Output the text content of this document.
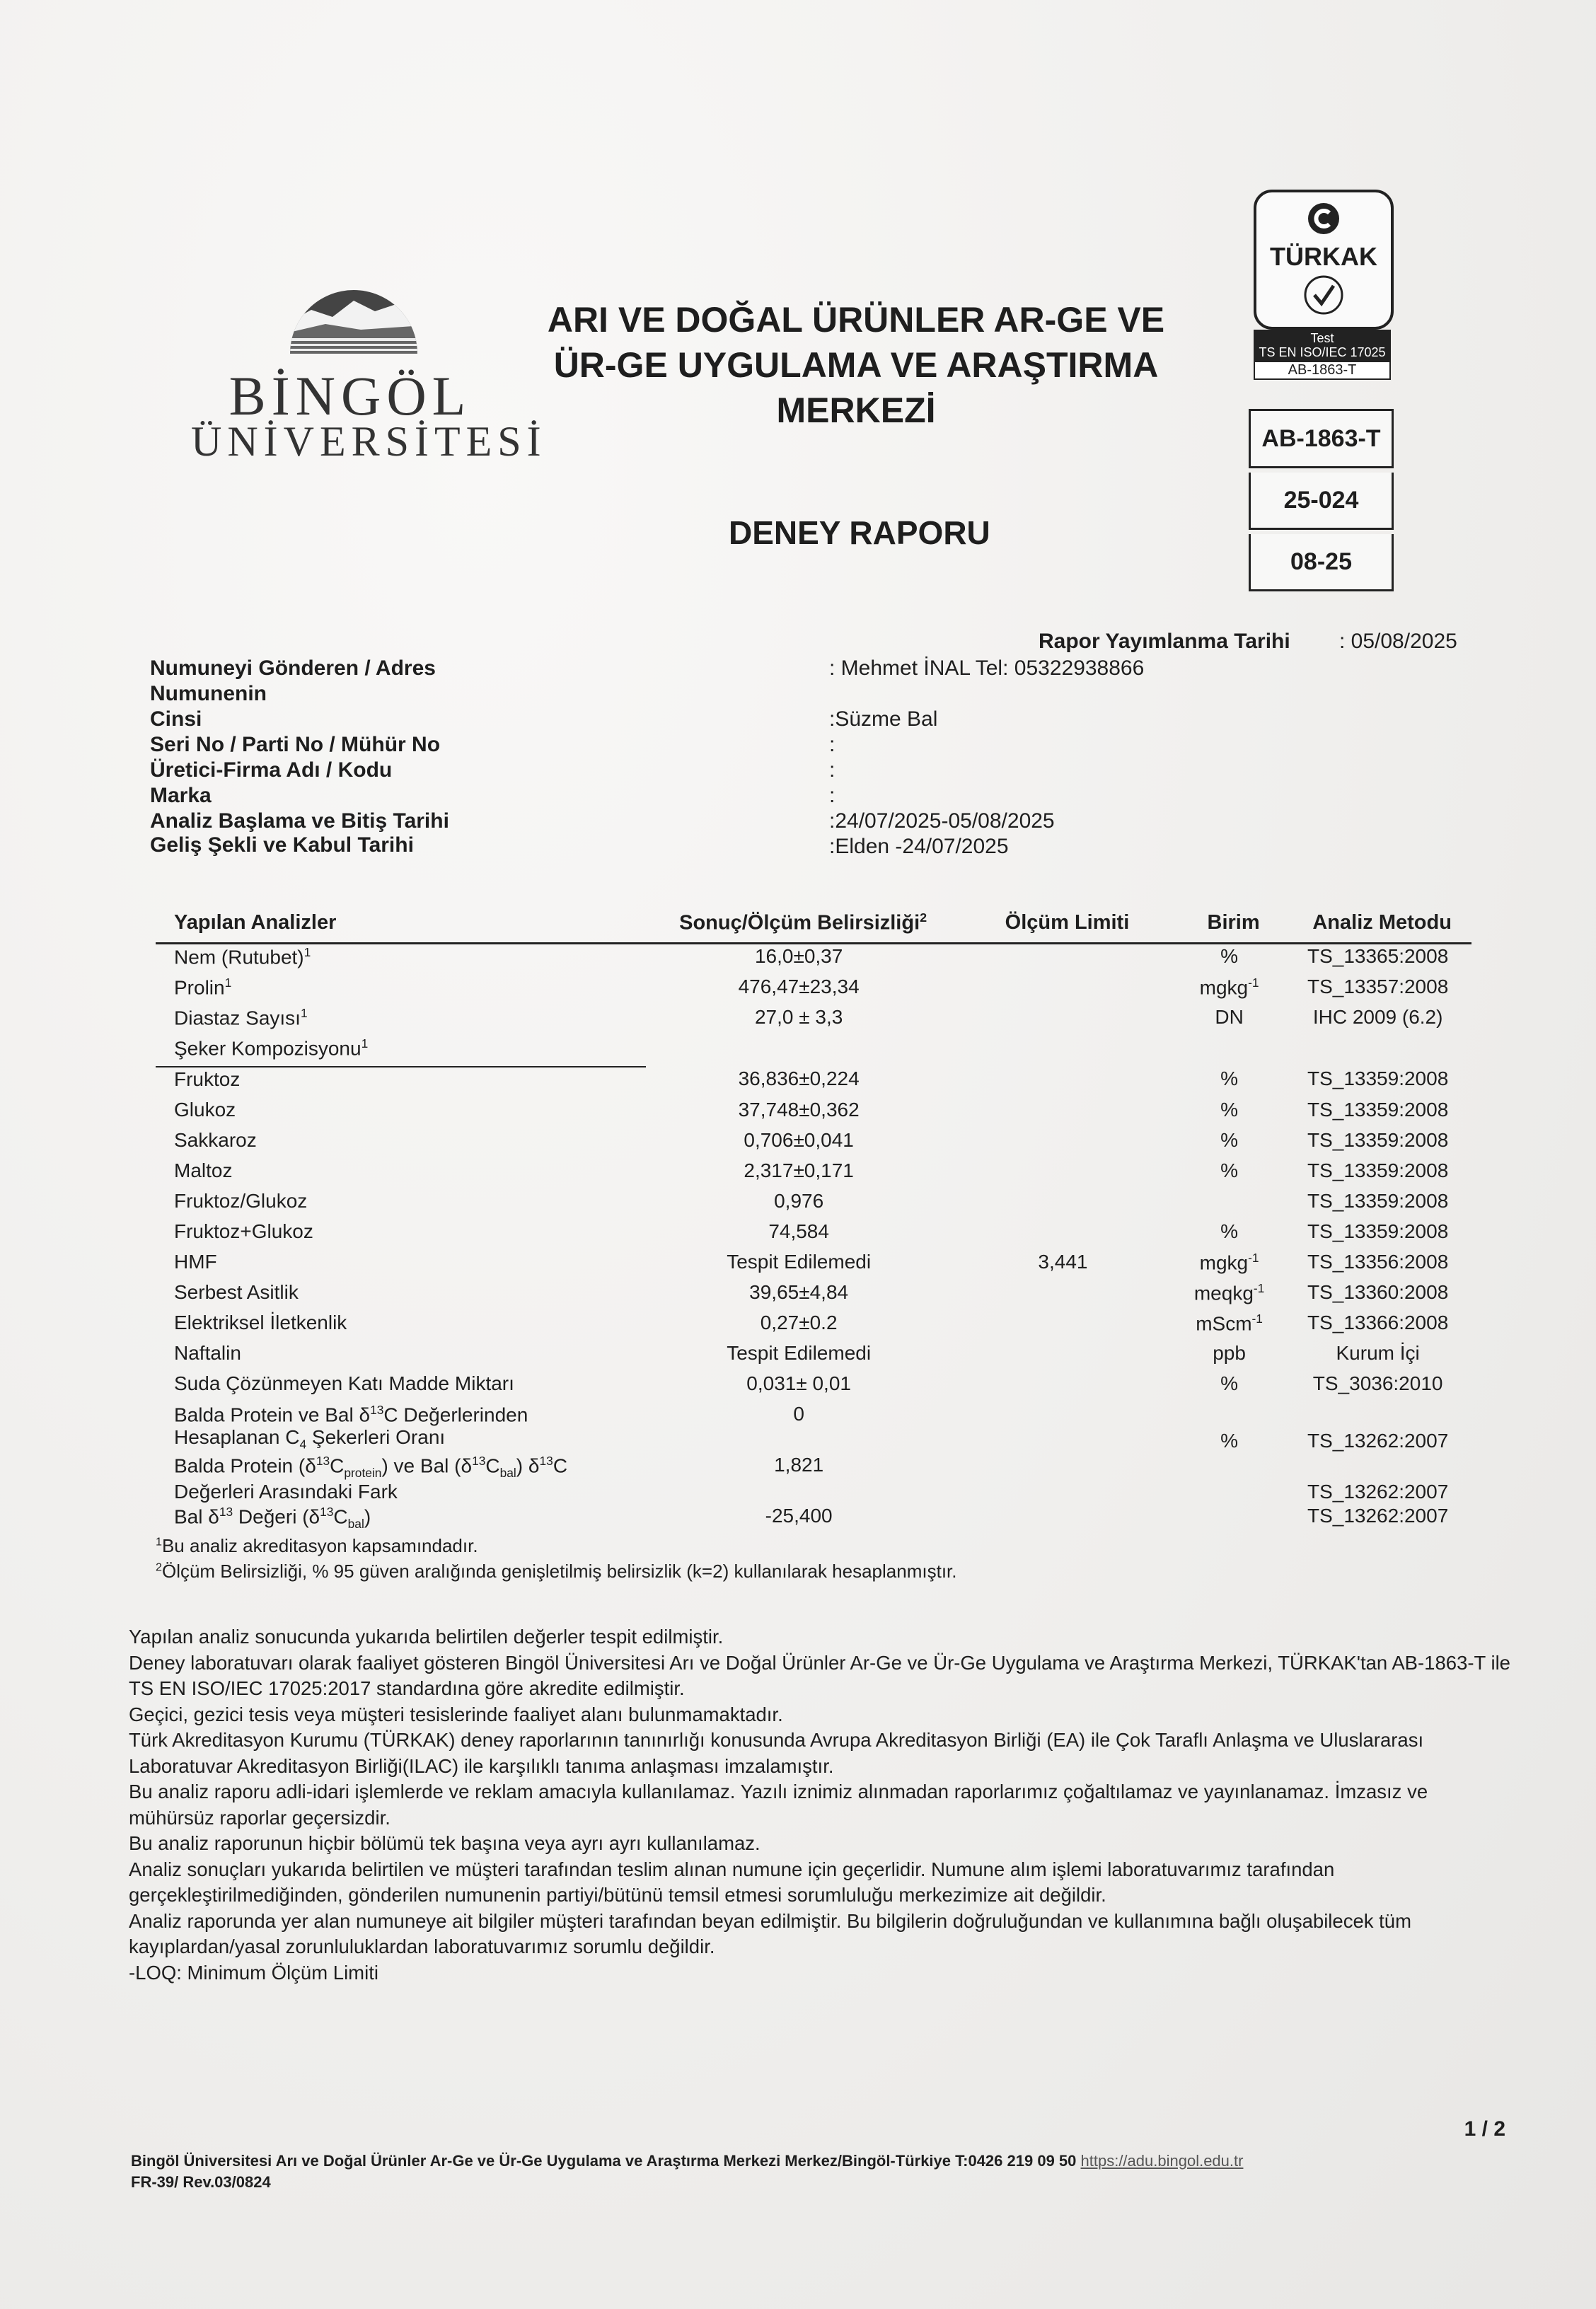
BİNGÖL
ÜNİVERSİTESİ
ARI VE DOĞAL ÜRÜNLER AR-GE VE
ÜR-GE UYGULAMA VE ARAŞTIRMA
MERKEZİ
DENEY RAPORU
TÜRKAK
Test
TS EN ISO/IEC 17025
AB-1863-T
AB-1863-T
25-024
08-25
Rapor Yayımlanma Tarihi : 05/08/2025
Numuneyi Gönderen / Adres	: Mehmet İNAL Tel: 05322938866
Numunenin
Cinsi	:Süzme Bal
Seri No / Parti No / Mühür No	:
Üretici-Firma Adı / Kodu	:
Marka	:
Analiz Başlama ve Bitiş Tarihi	:24/07/2025-05/08/2025
Geliş Şekli ve Kabul Tarihi	:Elden -24/07/2025
Yapılan Analizler	Sonuç/Ölçüm Belirsizliği$^2$	Ölçüm Limiti	Birim	Analiz Metodu
Nem (Rutubet)$^1$	16,0±0,37		%	TS_13365:2008
Prolin$^1$	476,47±23,34		mgkg$^{-1}$	TS_13357:2008
Diastaz Sayısı$^1$	27,0 ± 3,3		DN	IHC 2009 (6.2)
Şeker Kompozisyonu$^1$				
Fruktoz	36,836±0,224		%	TS_13359:2008
Glukoz	37,748±0,362		%	TS_13359:2008
Sakkaroz	0,706±0,041		%	TS_13359:2008
Maltoz	2,317±0,171		%	TS_13359:2008
Fruktoz/Glukoz	0,976			TS_13359:2008
Fruktoz+Glukoz	74,584		%	TS_13359:2008
HMF	Tespit Edilemedi	3,441	mgkg$^{-1}$	TS_13356:2008
Serbest Asitlik	39,65±4,84		meqkg$^{-1}$	TS_13360:2008
Elektriksel İletkenlik	0,27±0.2		mScm$^{-1}$	TS_13366:2008
Naftalin	Tespit Edilemedi		ppb	Kurum İçi
Suda Çözünmeyen Katı Madde Miktarı	0,031± 0,01		%	TS_3036:2010
Balda Protein ve Bal $\delta^{13}C$ Değerlerinden
Hesaplanan $C_4$ Şekerleri Oranı	0		%	TS_13262:2007
Balda Protein $(\delta^{13}C_{protein})$ ve Bal $(\delta^{13}C_{bal})$ $\delta^{13}C$
Değerleri Arasındaki Fark	1,821			TS_13262:2007
Bal $\delta^{13}$ Değeri $(\delta^{13}C_{bal})$	-25,400			TS_13262:2007
$^1$Bu analiz akreditasyon kapsamındadır.				
$^2$Ölçüm Belirsizliği, % 95 güven aralığında genişletilmiş belirsizlik (k=2) kullanılarak hesaplanmıştır.				

Yapılan analiz sonucunda yukarıda belirtilen değerler tespit edilmiştir.

Deney laboratuvarı olarak faaliyet gösteren Bingöl Üniversitesi Arı ve Doğal Ürünler Ar-Ge ve Ür-Ge Uygulama ve Araştırma Merkezi, TÜRKAK'tan AB-1863-T ile TS EN ISO/IEC 17025:2017 standardına göre akredite edilmiştir.

Geçici, gezici tesis veya müşteri tesislerinde faaliyet alanı bulunmamaktadır.

Türk Akreditasyon Kurumu (TÜRKAK) deney raporlarının tanınırlığı konusunda Avrupa Akreditasyon Birliği (EA) ile Çok Taraflı Anlaşma ve Uluslararası Laboratuvar Akreditasyon Birliği(ILAC) ile karşılıklı tanıma anlaşması imzalamıştır.

Bu analiz raporu adli-idari işlemlerde ve reklam amacıyla kullanılamaz. Yazılı iznimiz alınmadan raporlarımız çoğaltılamaz ve yayınlanamaz. İmzasız ve mühürsüz raporlar geçersizdir.

Bu analiz raporunun hiçbir bölümü tek başına veya ayrı ayrı kullanılamaz.

Analiz sonuçları yukarıda belirtilen ve müşteri tarafından teslim alınan numune için geçerlidir. Numune alım işlemi laboratuvarımız tarafından gerçekleştirilmediğinden, gönderilen numunenin partiyi/bütünü temsil etmesi sorumluluğu merkezimize ait değildir.

Analiz raporunda yer alan numuneye ait bilgiler müşteri tarafından beyan edilmiştir. Bu bilgilerin doğruluğundan ve kullanımına bağlı oluşabilecek tüm kayıplardan/yasal zorunluluklardan laboratuvarımız sorumlu değildir.

-LOQ: Minimum Ölçüm Limiti

1 / 2
Bingöl Üniversitesi Arı ve Doğal Ürünler Ar-Ge ve Ür-Ge Uygulama ve Araştırma Merkezi Merkez/Bingöl-Türkiye T:0426 219 09 50 https://adu.bingol.edu.tr
FR-39/ Rev.03/0824
